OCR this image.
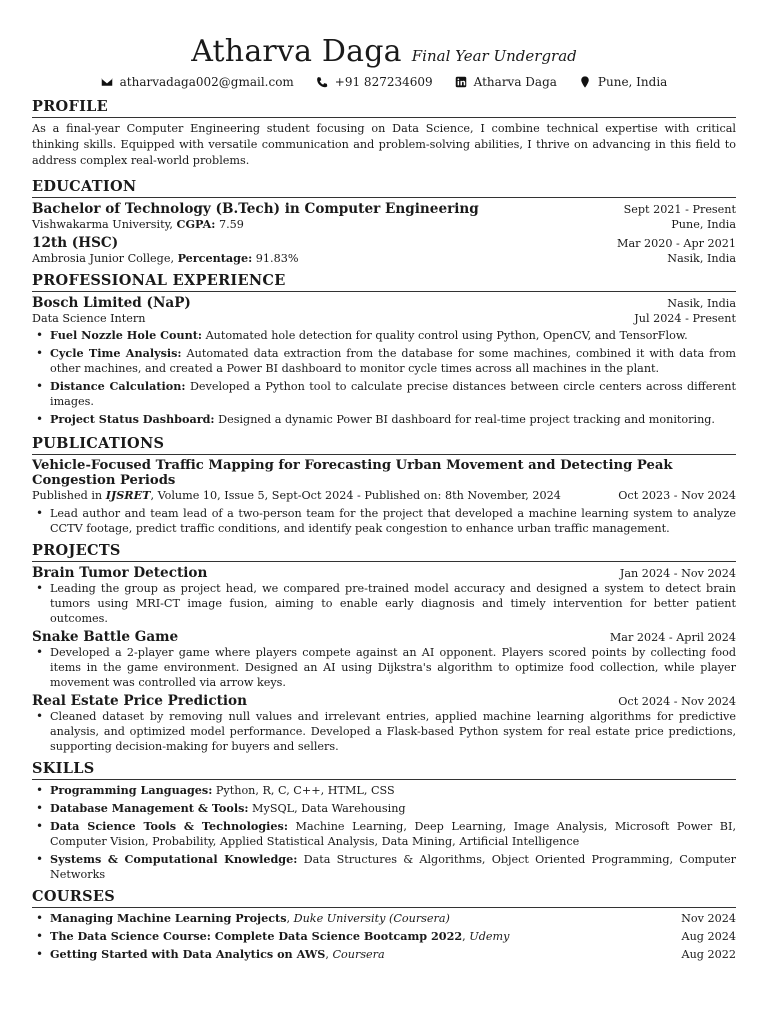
Atharva Daga Final Year Undergrad
atharvadaga002@gmail.com	+91 827234609	Atharva Daga	Pune, India
PROFILE

As a final-year Computer Engineering student focusing on Data Science, I combine technical expertise with critical thinking skills. Equipped with versatile communication and problem-solving abilities, I thrive on advancing in this field to address complex real-world problems.

EDUCATION
Bachelor of Technology (B.Tech) in Computer Engineering	Sept 2021 - Present
Vishwakarma University, CGPA: 7.59	Pune, India
12th (HSC)	Mar 2020 - Apr 2021
Ambrosia Junior College, Percentage: 91.83%	Nasik, India
PROFESSIONAL EXPERIENCE
Bosch Limited (NaP)	Nasik, India
Data Science Intern	Jul 2024 - Present
• Fuel Nozzle Hole Count: Automated hole detection for quality control using Python, OpenCV, and TensorFlow.
• Cycle Time Analysis: Automated data extraction from the database for some machines, combined it with data from other machines, and created a Power BI dashboard to monitor cycle times across all machines in the plant.
• Distance Calculation: Developed a Python tool to calculate precise distances between circle centers across different images.
• Project Status Dashboard: Designed a dynamic Power BI dashboard for real-time project tracking and monitoring.
PUBLICATIONS
Vehicle-Focused Traffic Mapping for Forecasting Urban Movement and Detecting Peak Congestion Periods
Published in IJSRET, Volume 10, Issue 5, Sept-Oct 2024 - Published on: 8th November, 2024	Oct 2023 - Nov 2024
• Lead author and team lead of a two-person team for the project that developed a machine learning system to analyze CCTV footage, predict traffic conditions, and identify peak congestion to enhance urban traffic management.
PROJECTS
Brain Tumor Detection	Jan 2024 - Nov 2024
• Leading the group as project head, we compared pre-trained model accuracy and designed a system to detect brain tumors using MRI-CT image fusion, aiming to enable early diagnosis and timely intervention for better patient outcomes.
Snake Battle Game	Mar 2024 - April 2024
• Developed a 2-player game where players compete against an AI opponent. Players scored points by collecting food items in the game environment. Designed an AI using Dijkstra's algorithm to optimize food collection, while player movement was controlled via arrow keys.
Real Estate Price Prediction	Oct 2024 - Nov 2024
• Cleaned dataset by removing null values and irrelevant entries, applied machine learning algorithms for predictive analysis, and optimized model performance. Developed a Flask-based Python system for real estate price predictions, supporting decision-making for buyers and sellers.
SKILLS
• Programming Languages: Python, R, C, C++, HTML, CSS
• Database Management & Tools: MySQL, Data Warehousing
• Data Science Tools & Technologies: Machine Learning, Deep Learning, Image Analysis, Microsoft Power BI, Computer Vision, Probability, Applied Statistical Analysis, Data Mining, Artificial Intelligence
• Systems & Computational Knowledge: Data Structures & Algorithms, Object Oriented Programming, Computer Networks
COURSES
• Managing Machine Learning Projects, Duke University (Coursera)	Nov 2024
• The Data Science Course: Complete Data Science Bootcamp 2022, Udemy	Aug 2024
• Getting Started with Data Analytics on AWS, Coursera	Aug 2022
